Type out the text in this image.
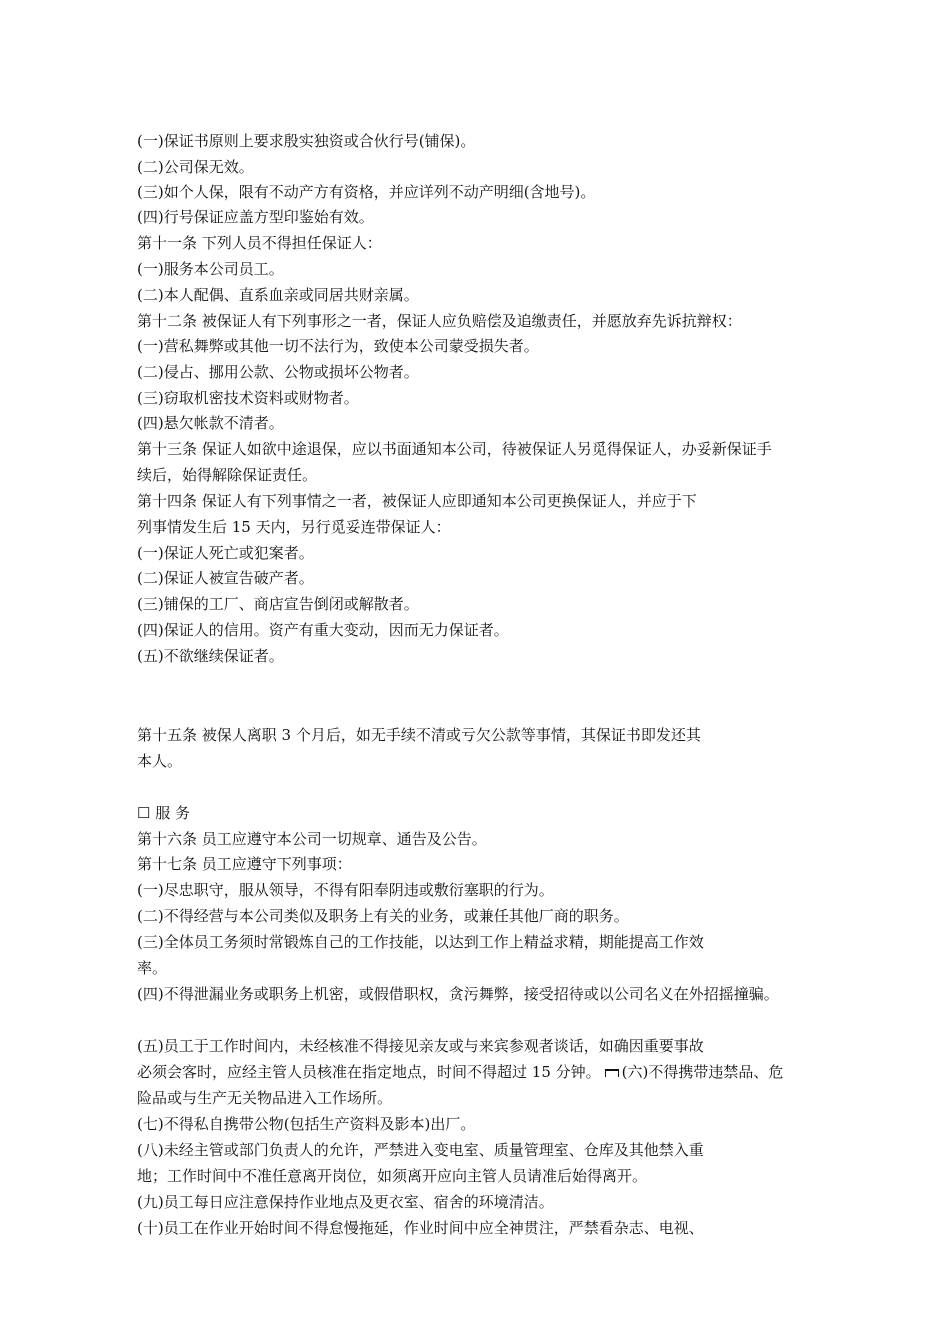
(一)保证书原则上要求殷实独资或合伙行号(铺保)。
(二)公司保无效。
(三)如个人保，限有不动产方有资格，并应详列不动产明细(含地号)。
(四)行号保证应盖方型印鉴始有效。
第十一条 下列人员不得担任保证人：
(一)服务本公司员工。
(二)本人配偶、直系血亲或同居共财亲属。
第十二条 被保证人有下列事形之一者，保证人应负赔偿及追缴责任，并愿放弃先诉抗辩权：
(一)营私舞弊或其他一切不法行为，致使本公司蒙受损失者。
(二)侵占、挪用公款、公物或损坏公物者。
(三)窃取机密技术资料或财物者。
(四)悬欠帐款不清者。
第十三条 保证人如欲中途退保，应以书面通知本公司，待被保证人另觅得保证人，办妥新保证手
续后，始得解除保证责任。
第十四条 保证人有下列事情之一者，被保证人应即通知本公司更换保证人，并应于下
列事情发生后 15 天内，另行觅妥连带保证人：
(一)保证人死亡或犯案者。
(二)保证人被宣告破产者。
(三)铺保的工厂、商店宣告倒闭或解散者。
(四)保证人的信用。资产有重大变动，因而无力保证者。
(五)不欲继续保证者。
第十五条 被保人离职 3 个月后，如无手续不清或亏欠公款等事情，其保证书即发还其
本人。
☐ 服 务
第十六条 员工应遵守本公司一切规章、通告及公告。
第十七条 员工应遵守下列事项：
(一)尽忠职守，服从领导，不得有阳奉阴违或敷衍塞职的行为。
(二)不得经营与本公司类似及职务上有关的业务，或兼任其他厂商的职务。
(三)全体员工务须时常锻炼自己的工作技能，以达到工作上精益求精，期能提高工作效
率。
(四)不得泄漏业务或职务上机密，或假借职权，贪污舞弊，接受招待或以公司名义在外招摇撞骗。
(五)员工于工作时间内，未经核准不得接见亲友或与来宾参观者谈话，如确因重要事故
必须会客时，应经主管人员核准在指定地点，时间不得超过 15 分钟。 (六)不得携带违禁品、危
险品或与生产无关物品进入工作场所。
(七)不得私自携带公物(包括生产资料及影本)出厂。
(八)未经主管或部门负责人的允许，严禁进入变电室、质量管理室、仓库及其他禁入重
地；工作时间中不准任意离开岗位，如须离开应向主管人员请准后始得离开。
(九)员工每日应注意保持作业地点及更衣室、宿舍的环境清洁。
(十)员工在作业开始时间不得怠慢拖延，作业时间中应全神贯注，严禁看杂志、电视、
